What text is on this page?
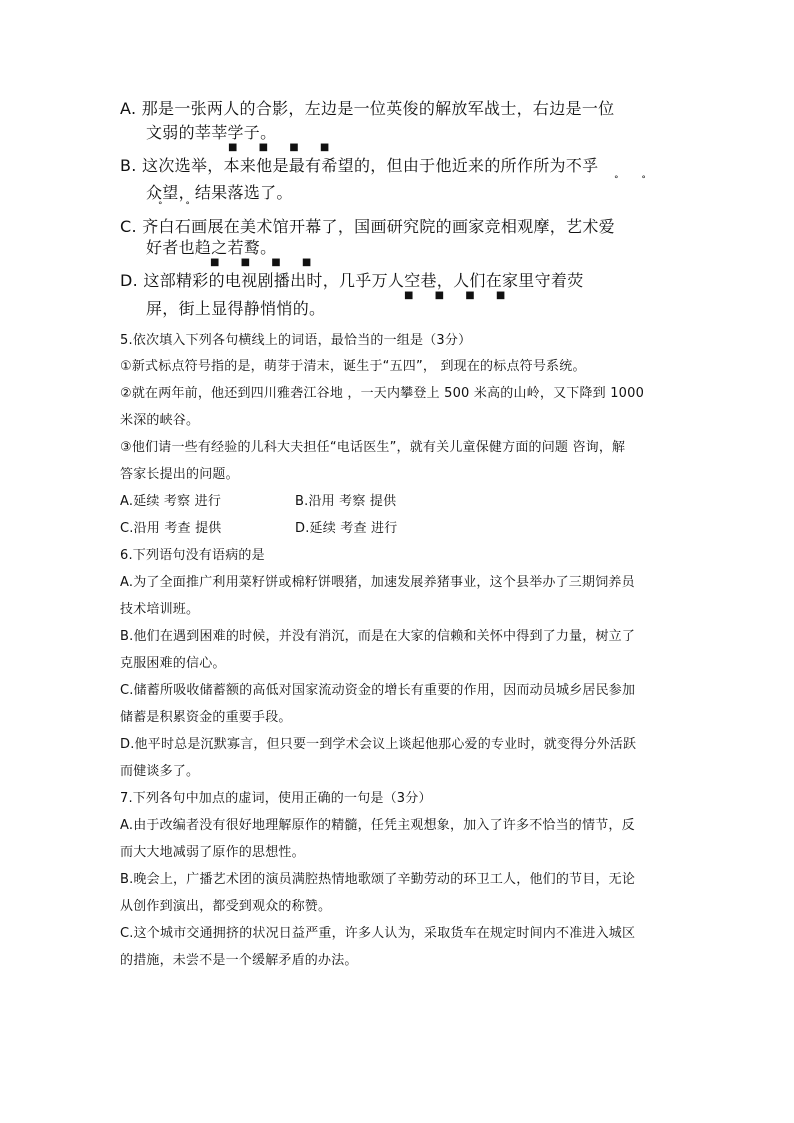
A. 那是一张两人的合影，左边是一位英俊的解放军战士，右边是一位
文弱的莘莘学子。
■ ■ ■ ■
B. 这次选举，本来他是最有希望的，但由于他近来的所作所为不孚
° °
众望，结果落选了。
° °
C. 齐白石画展在美术馆开幕了，国画研究院的画家竞相观摩，艺术爱
好者也趋之若鹜。
■ ■ ■ ■
D. 这部精彩的电视剧播出时，几乎万人空巷，人们在家里守着荧
■ ■ ■ ■
屏，街上显得静悄悄的。
5.依次填入下列各句横线上的词语，最恰当的一组是（3分）
①新式标点符号指的是，萌芽于清末，诞生于“五四”， 到现在的标点符号系统。
②就在两年前，他还到四川雅砻江谷地 ，一天内攀登上 500 米高的山岭，又下降到 1000
米深的峡谷。
③他们请一些有经验的儿科大夫担任“电话医生”，就有关儿童保健方面的问题 咨询，解
答家长提出的问题。
A.延续 考察 进行	B.沿用 考察 提供
C.沿用 考查 提供	D.延续 考查 进行
6.下列语句没有语病的是
A.为了全面推广利用菜籽饼或棉籽饼喂猪，加速发展养猪事业，这个县举办了三期饲养员
技术培训班。
B.他们在遇到困难的时候，并没有消沉，而是在大家的信赖和关怀中得到了力量，树立了
克服困难的信心。
C.储蓄所吸收储蓄额的高低对国家流动资金的增长有重要的作用，因而动员城乡居民参加
储蓄是积累资金的重要手段。
D.他平时总是沉默寡言，但只要一到学术会议上谈起他那心爱的专业时，就变得分外活跃
而健谈多了。
7.下列各句中加点的虚词，使用正确的一句是（3分）
A.由于改编者没有很好地理解原作的精髓，任凭主观想象，加入了许多不恰当的情节，反
而大大地减弱了原作的思想性。
B.晚会上，广播艺术团的演员满腔热情地歌颂了辛勤劳动的环卫工人，他们的节目，无论
从创作到演出，都受到观众的称赞。
C.这个城市交通拥挤的状况日益严重，许多人认为，采取货车在规定时间内不准进入城区
的措施，未尝不是一个缓解矛盾的办法。
